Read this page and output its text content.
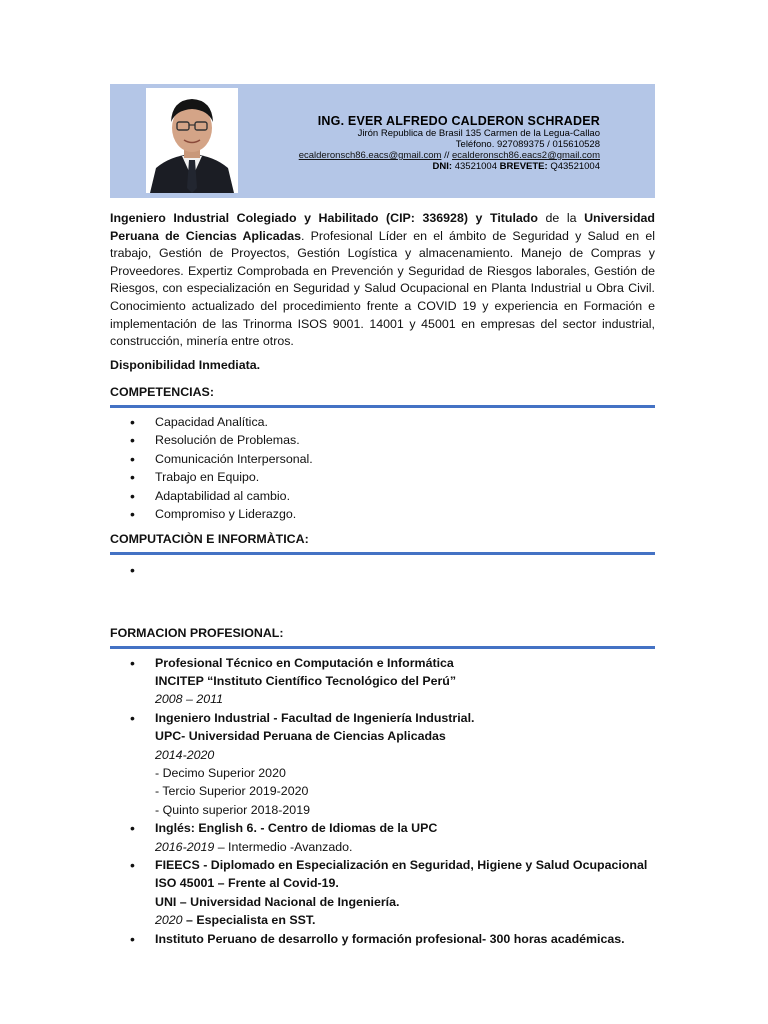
ING. EVER ALFREDO CALDERON SCHRADER
Jirón Republica de Brasil 135 Carmen de la Legua-Callao
Teléfono. 927089375 / 015610528
ecalderonsch86.eacs@gmail.com // ecalderonsch86.eacs2@gmail.com
DNI: 43521004 BREVETE: Q43521004

Ingeniero Industrial Colegiado y Habilitado (CIP: 336928) y Titulado de la Universidad Peruana de Ciencias Aplicadas. Profesional Líder en el ámbito de Seguridad y Salud en el trabajo, Gestión de Proyectos, Gestión Logística y almacenamiento. Manejo de Compras y Proveedores. Expertiz Comprobada en Prevención y Seguridad de Riesgos laborales, Gestión de Riesgos, con especialización en Seguridad y Salud Ocupacional en Planta Industrial u Obra Civil. Conocimiento actualizado del procedimiento frente a COVID 19 y experiencia en Formación e implementación de las Trinorma ISOS 9001. 14001 y 45001 en empresas del sector industrial, construcción, minería entre otros.

Disponibilidad Inmediata.

COMPETENCIAS:
• Capacidad Analítica.
• Resolución de Problemas.
• Comunicación Interpersonal.
• Trabajo en Equipo.
• Adaptabilidad al cambio.
• Compromiso y Liderazgo.
COMPUTACIÒN E INFORMÀTICA:
•
FORMACION PROFESIONAL:
• Profesional Técnico en Computación e Informática
INCITEP “Instituto Científico Tecnológico del Perú”
2008 – 2011
• Ingeniero Industrial - Facultad de Ingeniería Industrial.
UPC- Universidad Peruana de Ciencias Aplicadas
2014-2020
- Decimo Superior 2020
- Tercio Superior 2019-2020
- Quinto superior 2018-2019
• Inglés: English 6. - Centro de Idiomas de la UPC
2016-2019 – Intermedio -Avanzado.
• FIEECS - Diplomado en Especialización en Seguridad, Higiene y Salud Ocupacional
ISO 45001 – Frente al Covid-19.
UNI – Universidad Nacional de Ingeniería.
2020 – Especialista en SST.
• Instituto Peruano de desarrollo y formación profesional- 300 horas académicas.
